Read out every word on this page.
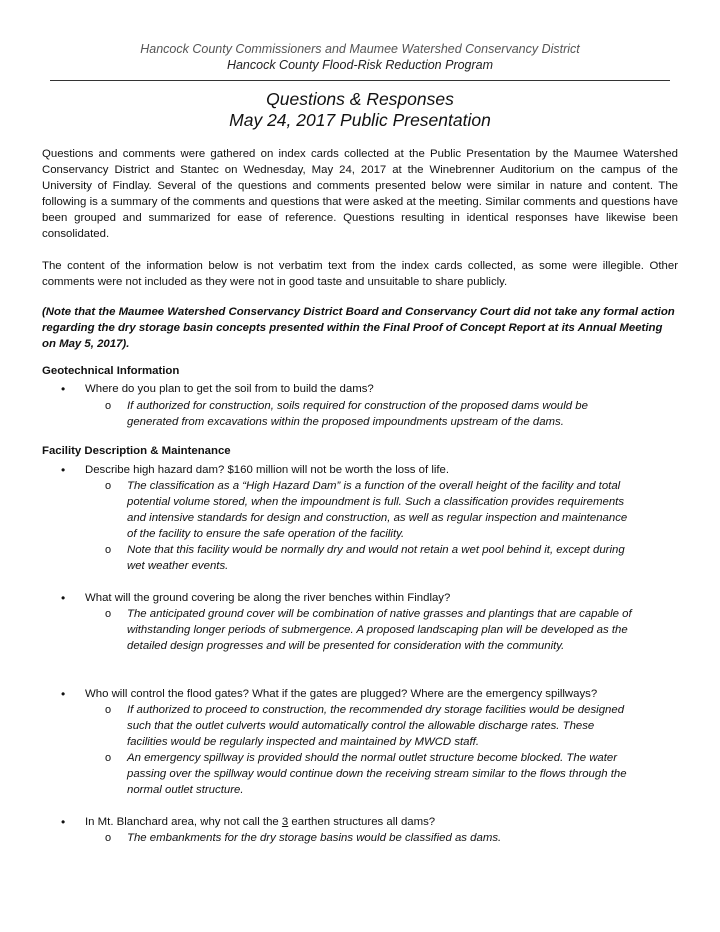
Hancock County Commissioners and Maumee Watershed Conservancy District
Hancock County Flood-Risk Reduction Program
Questions & Responses
May 24, 2017 Public Presentation
Questions and comments were gathered on index cards collected at the Public Presentation by the Maumee Watershed Conservancy District and Stantec on Wednesday, May 24, 2017 at the Winebrenner Auditorium on the campus of the University of Findlay. Several of the questions and comments presented below were similar in nature and content. The following is a summary of the comments and questions that were asked at the meeting. Similar comments and questions have been grouped and summarized for ease of reference. Questions resulting in identical responses have likewise been consolidated.
The content of the information below is not verbatim text from the index cards collected, as some were illegible. Other comments were not included as they were not in good taste and unsuitable to share publicly.
(Note that the Maumee Watershed Conservancy District Board and Conservancy Court did not take any formal action regarding the dry storage basin concepts presented within the Final Proof of Concept Report at its Annual Meeting on May 5, 2017).
Geotechnical Information
• Where do you plan to get the soil from to build the dams?
o If authorized for construction, soils required for construction of the proposed dams would be generated from excavations within the proposed impoundments upstream of the dams.
Facility Description & Maintenance
• Describe high hazard dam? $160 million will not be worth the loss of life.
o The classification as a “High Hazard Dam” is a function of the overall height of the facility and total potential volume stored, when the impoundment is full. Such a classification provides requirements and intensive standards for design and construction, as well as regular inspection and maintenance of the facility to ensure the safe operation of the facility.
o Note that this facility would be normally dry and would not retain a wet pool behind it, except during wet weather events.
• What will the ground covering be along the river benches within Findlay?
o The anticipated ground cover will be combination of native grasses and plantings that are capable of withstanding longer periods of submergence. A proposed landscaping plan will be developed as the detailed design progresses and will be presented for consideration with the community.
• Who will control the flood gates? What if the gates are plugged? Where are the emergency spillways?
o If authorized to proceed to construction, the recommended dry storage facilities would be designed such that the outlet culverts would automatically control the allowable discharge rates. These facilities would be regularly inspected and maintained by MWCD staff.
o An emergency spillway is provided should the normal outlet structure become blocked. The water passing over the spillway would continue down the receiving stream similar to the flows through the normal outlet structure.
• In Mt. Blanchard area, why not call the 3 earthen structures all dams?
o The embankments for the dry storage basins would be classified as dams.
